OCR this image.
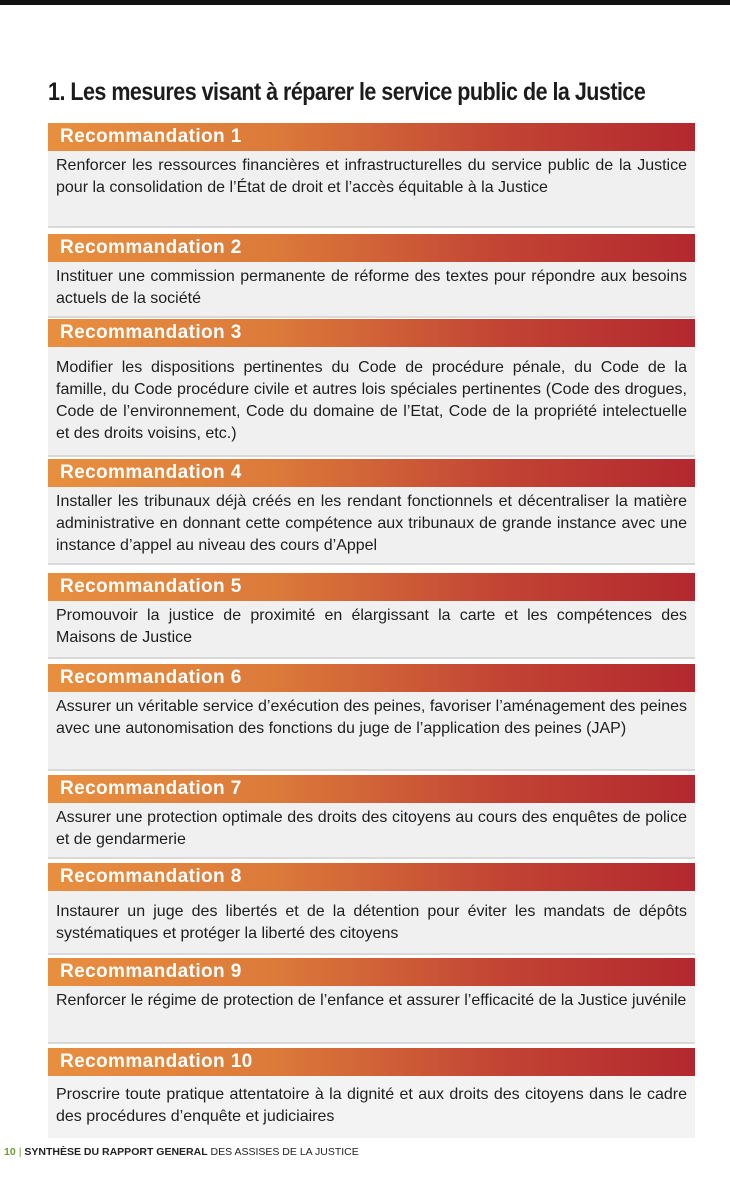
1. Les mesures visant à réparer le service public de la Justice
Recommandation 1
Renforcer les ressources financières et infrastructurelles du service public de la Justice pour la consolidation de l’État de droit et l’accès équitable à la Justice
Recommandation 2
Instituer une commission permanente de réforme des textes pour répondre aux besoins actuels de la société
Recommandation 3
Modifier les dispositions pertinentes du Code de procédure pénale, du Code de la famille, du Code procédure civile et autres lois spéciales pertinentes (Code des drogues, Code de l’environnement, Code du domaine de l’Etat, Code de la propriété intelectuelle et des droits voisins, etc.)
Recommandation 4
Installer les tribunaux déjà créés en les rendant fonctionnels et décentraliser la matière administrative en donnant cette compétence aux tribunaux de grande instance avec une instance d’appel au niveau des cours d’Appel
Recommandation 5
Promouvoir la justice de proximité en élargissant la carte et les compétences des Maisons de Justice
Recommandation 6
Assurer un véritable service d’exécution des peines, favoriser l’aménagement des peines avec une autonomisation des fonctions du juge de l’application des peines (JAP)
Recommandation 7
Assurer une protection optimale des droits des citoyens au cours des enquêtes de police et de gendarmerie
Recommandation 8
Instaurer un juge des libertés et de la détention pour éviter les mandats de dépôts systématiques et protéger la liberté des citoyens
Recommandation 9
Renforcer le régime de protection de l’enfance et assurer l’efficacité de la Justice juvénile
Recommandation 10
Proscrire toute pratique attentatoire à la dignité et aux droits des citoyens dans le cadre des procédures d’enquête et judiciaires
10 | SYNTHÈSE DU RAPPORT GENERAL DES ASSISES DE LA JUSTICE
